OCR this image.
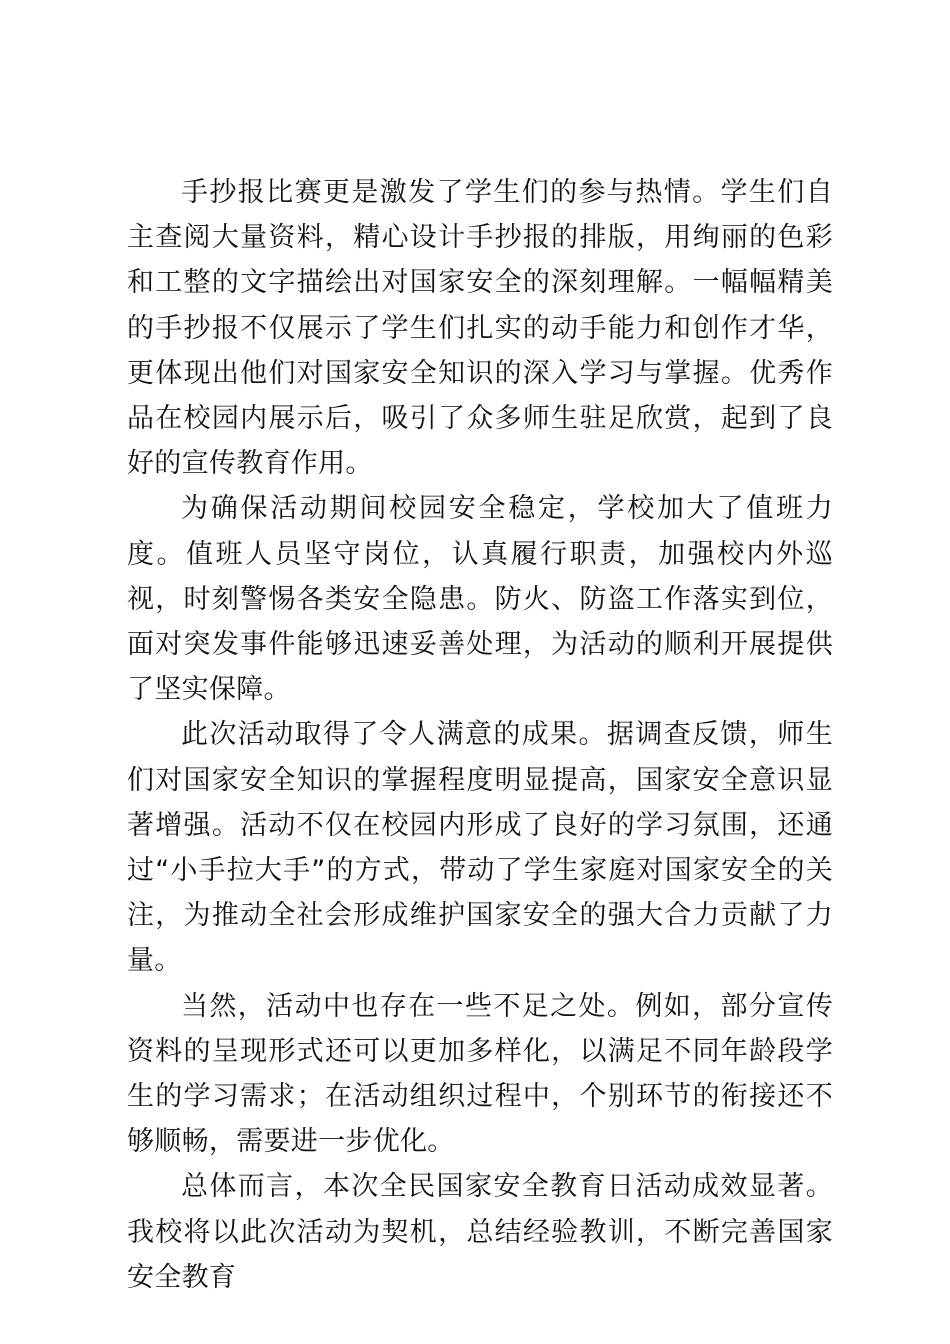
手抄报比赛更是激发了学生们的参与热情。学生们自主查阅大量资料，精心设计手抄报的排版，用绚丽的色彩和工整的文字描绘出对国家安全的深刻理解。一幅幅精美的手抄报不仅展示了学生们扎实的动手能力和创作才华，更体现出他们对国家安全知识的深入学习与掌握。优秀作品在校园内展示后，吸引了众多师生驻足欣赏，起到了良好的宣传教育作用。

为确保活动期间校园安全稳定，学校加大了值班力度。值班人员坚守岗位，认真履行职责，加强校内外巡视，时刻警惕各类安全隐患。防火、防盗工作落实到位，面对突发事件能够迅速妥善处理，为活动的顺利开展提供了坚实保障。

此次活动取得了令人满意的成果。据调查反馈，师生们对国家安全知识的掌握程度明显提高，国家安全意识显著增强。活动不仅在校园内形成了良好的学习氛围，还通过“小手拉大手”的方式，带动了学生家庭对国家安全的关注，为推动全社会形成维护国家安全的强大合力贡献了力量。

当然，活动中也存在一些不足之处。例如，部分宣传资料的呈现形式还可以更加多样化，以满足不同年龄段学生的学习需求；在活动组织过程中，个别环节的衔接还不够顺畅，需要进一步优化。

总体而言，本次全民国家安全教育日活动成效显著。我校将以此次活动为契机，总结经验教训，不断完善国家安全教育
